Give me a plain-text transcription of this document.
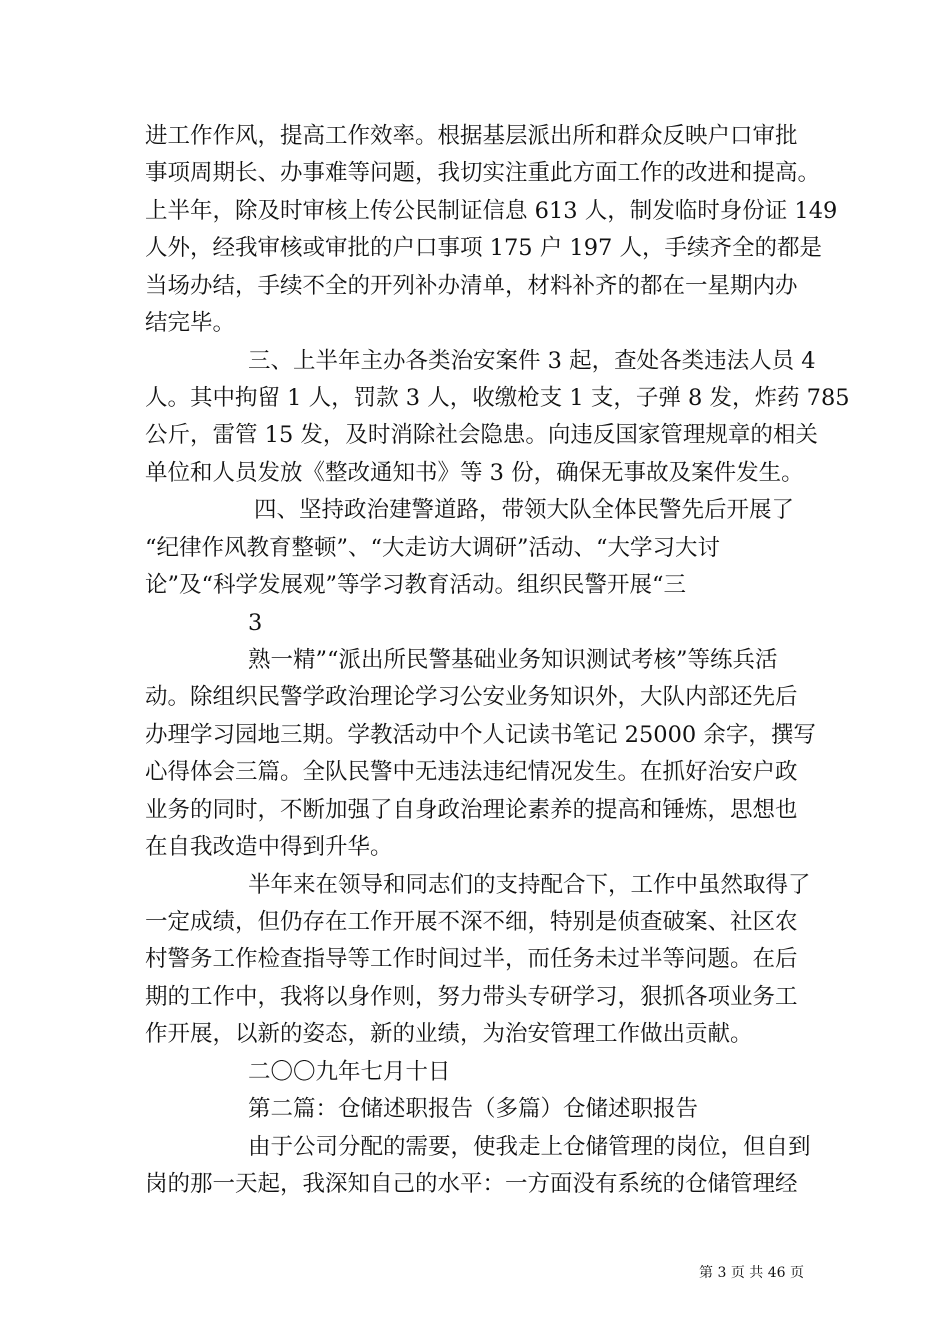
进工作作风，提高工作效率。根据基层派出所和群众反映户口审批
事项周期长、办事难等问题，我切实注重此方面工作的改进和提高。
上半年，除及时审核上传公民制证信息 613 人，制发临时身份证 149
人外，经我审核或审批的户口事项 175 户 197 人，手续齐全的都是
当场办结，手续不全的开列补办清单，材料补齐的都在一星期内办
结完毕。
三、上半年主办各类治安案件 3 起，查处各类违法人员 4
人。其中拘留 1 人，罚款 3 人，收缴枪支 1 支，子弹 8 发，炸药 785
公斤，雷管 15 发，及时消除社会隐患。向违反国家管理规章的相关
单位和人员发放《整改通知书》等 3 份，确保无事故及案件发生。
四、坚持政治建警道路，带领大队全体民警先后开展了
“纪律作风教育整顿”、“大走访大调研”活动、“大学习大讨
论”及“科学发展观”等学习教育活动。组织民警开展“三
3
熟一精”“派出所民警基础业务知识测试考核”等练兵活
动。除组织民警学政治理论学习公安业务知识外，大队内部还先后
办理学习园地三期。学教活动中个人记读书笔记 25000 余字，撰写
心得体会三篇。全队民警中无违法违纪情况发生。在抓好治安户政
业务的同时，不断加强了自身政治理论素养的提高和锤炼，思想也
在自我改造中得到升华。
半年来在领导和同志们的支持配合下，工作中虽然取得了
一定成绩，但仍存在工作开展不深不细，特别是侦查破案、社区农
村警务工作检查指导等工作时间过半，而任务未过半等问题。在后
期的工作中，我将以身作则，努力带头专研学习，狠抓各项业务工
作开展，以新的姿态，新的业绩，为治安管理工作做出贡献。
二〇〇九年七月十日
第二篇：仓储述职报告（多篇）仓储述职报告
由于公司分配的需要，使我走上仓储管理的岗位，但自到
岗的那一天起，我深知自己的水平：一方面没有系统的仓储管理经
第 3 页 共 46 页
